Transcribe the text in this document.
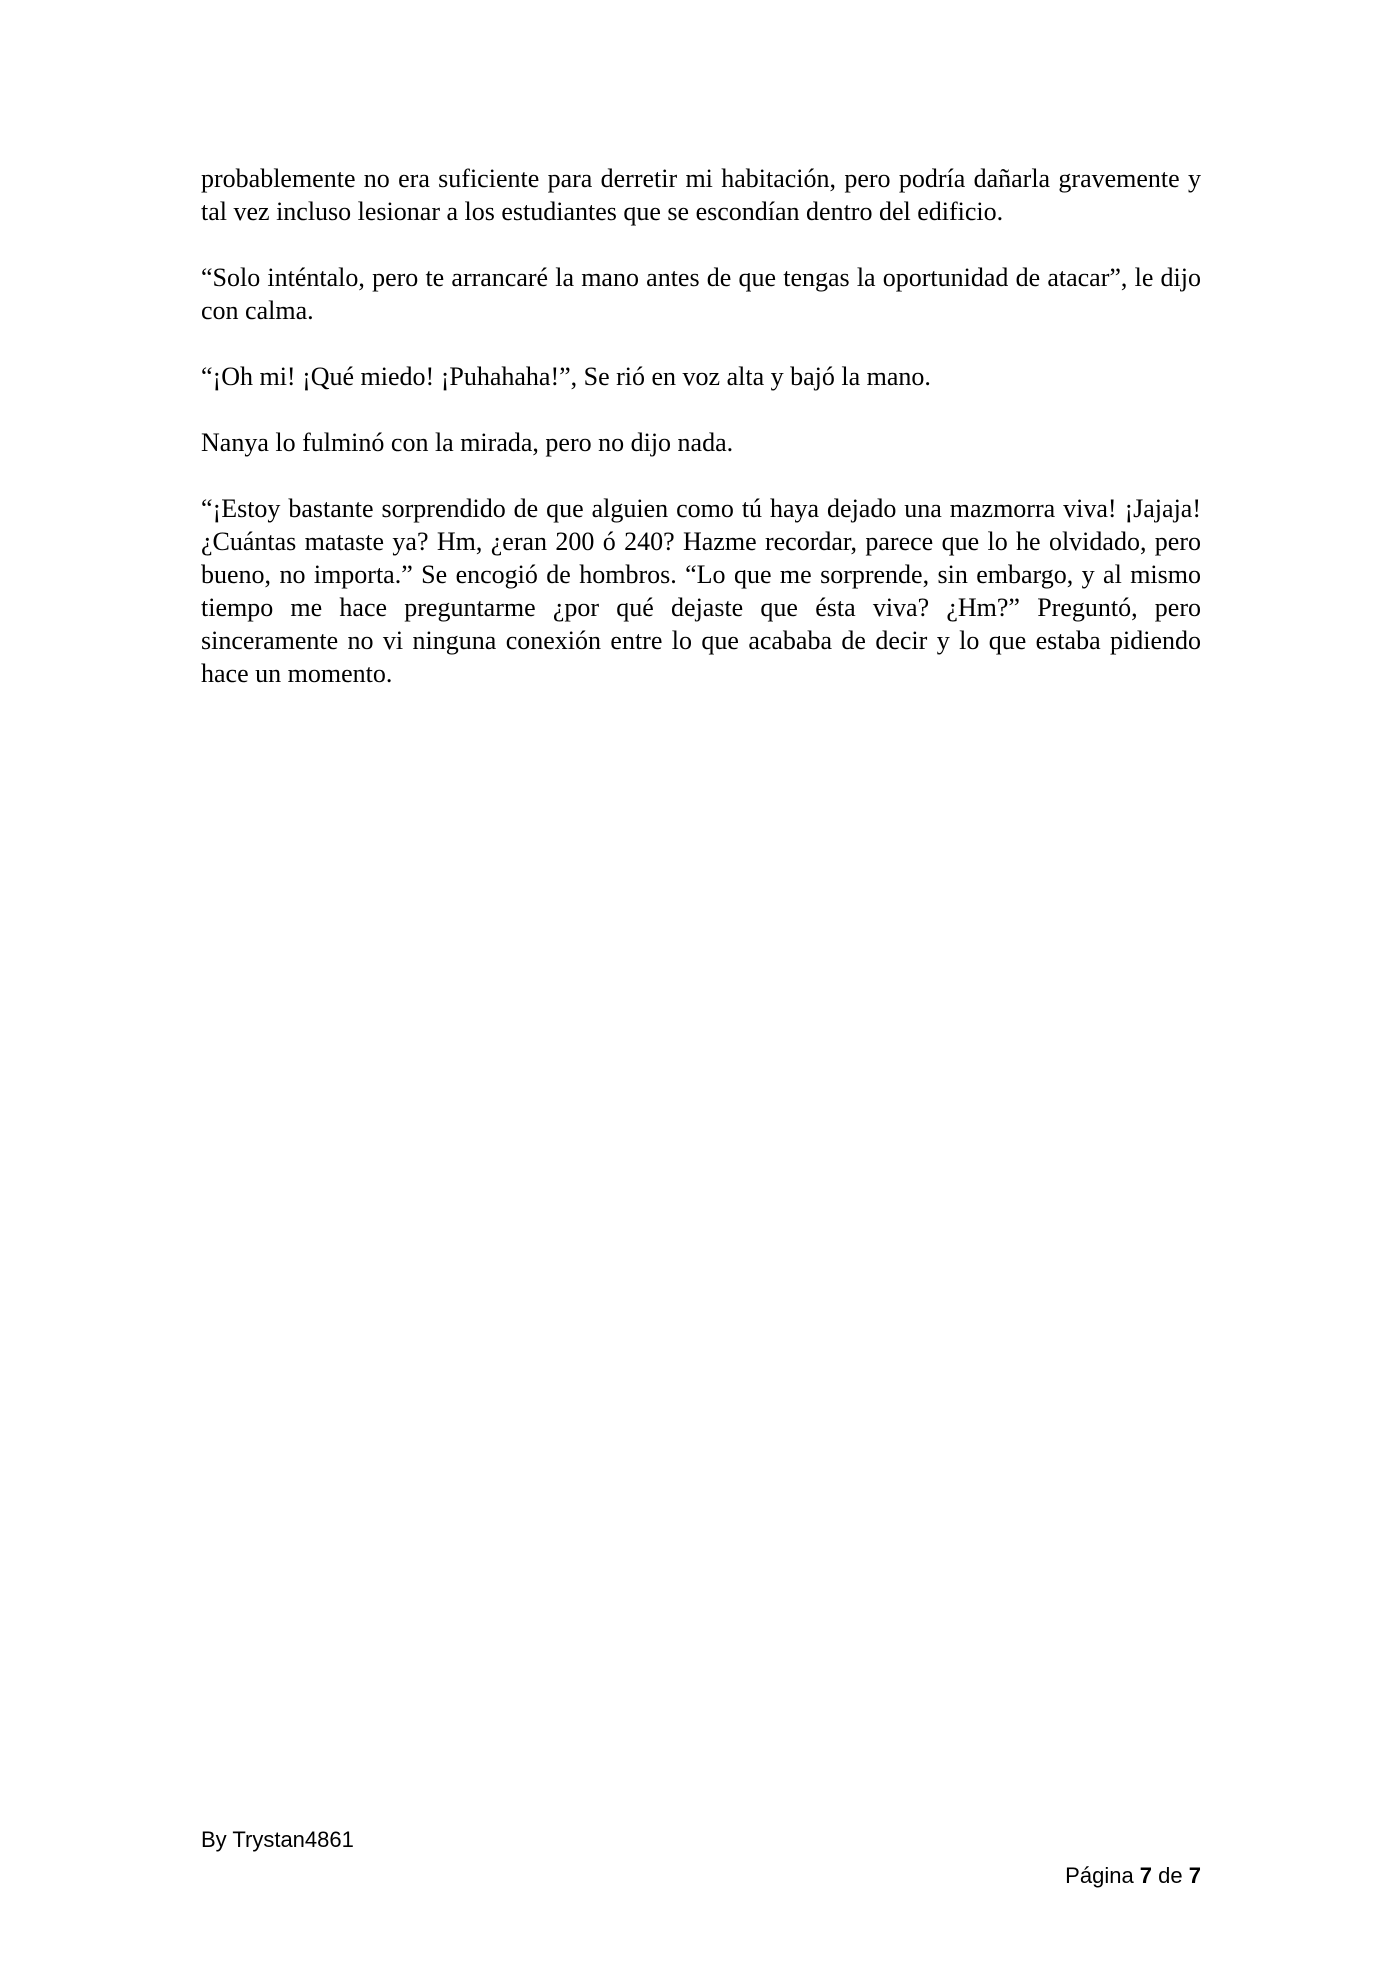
probablemente no era suficiente para derretir mi habitación, pero podría dañarla gravemente y tal vez incluso lesionar a los estudiantes que se escondían dentro del edificio.

“Solo inténtalo, pero te arrancaré la mano antes de que tengas la oportunidad de atacar”, le dijo con calma.

“¡Oh mi! ¡Qué miedo! ¡Puhahaha!”, Se rió en voz alta y bajó la mano.

Nanya lo fulminó con la mirada, pero no dijo nada.

“¡Estoy bastante sorprendido de que alguien como tú haya dejado una mazmorra viva! ¡Jajaja! ¿Cuántas mataste ya? Hm, ¿eran 200 ó 240? Hazme recordar, parece que lo he olvidado, pero bueno, no importa.” Se encogió de hombros. “Lo que me sorprende, sin embargo, y al mismo tiempo me hace preguntarme ¿por qué dejaste que ésta viva? ¿Hm?” Preguntó, pero sinceramente no vi ninguna conexión entre lo que acababa de decir y lo que estaba pidiendo hace un momento.

By Trystan4861
Página 7 de 7
